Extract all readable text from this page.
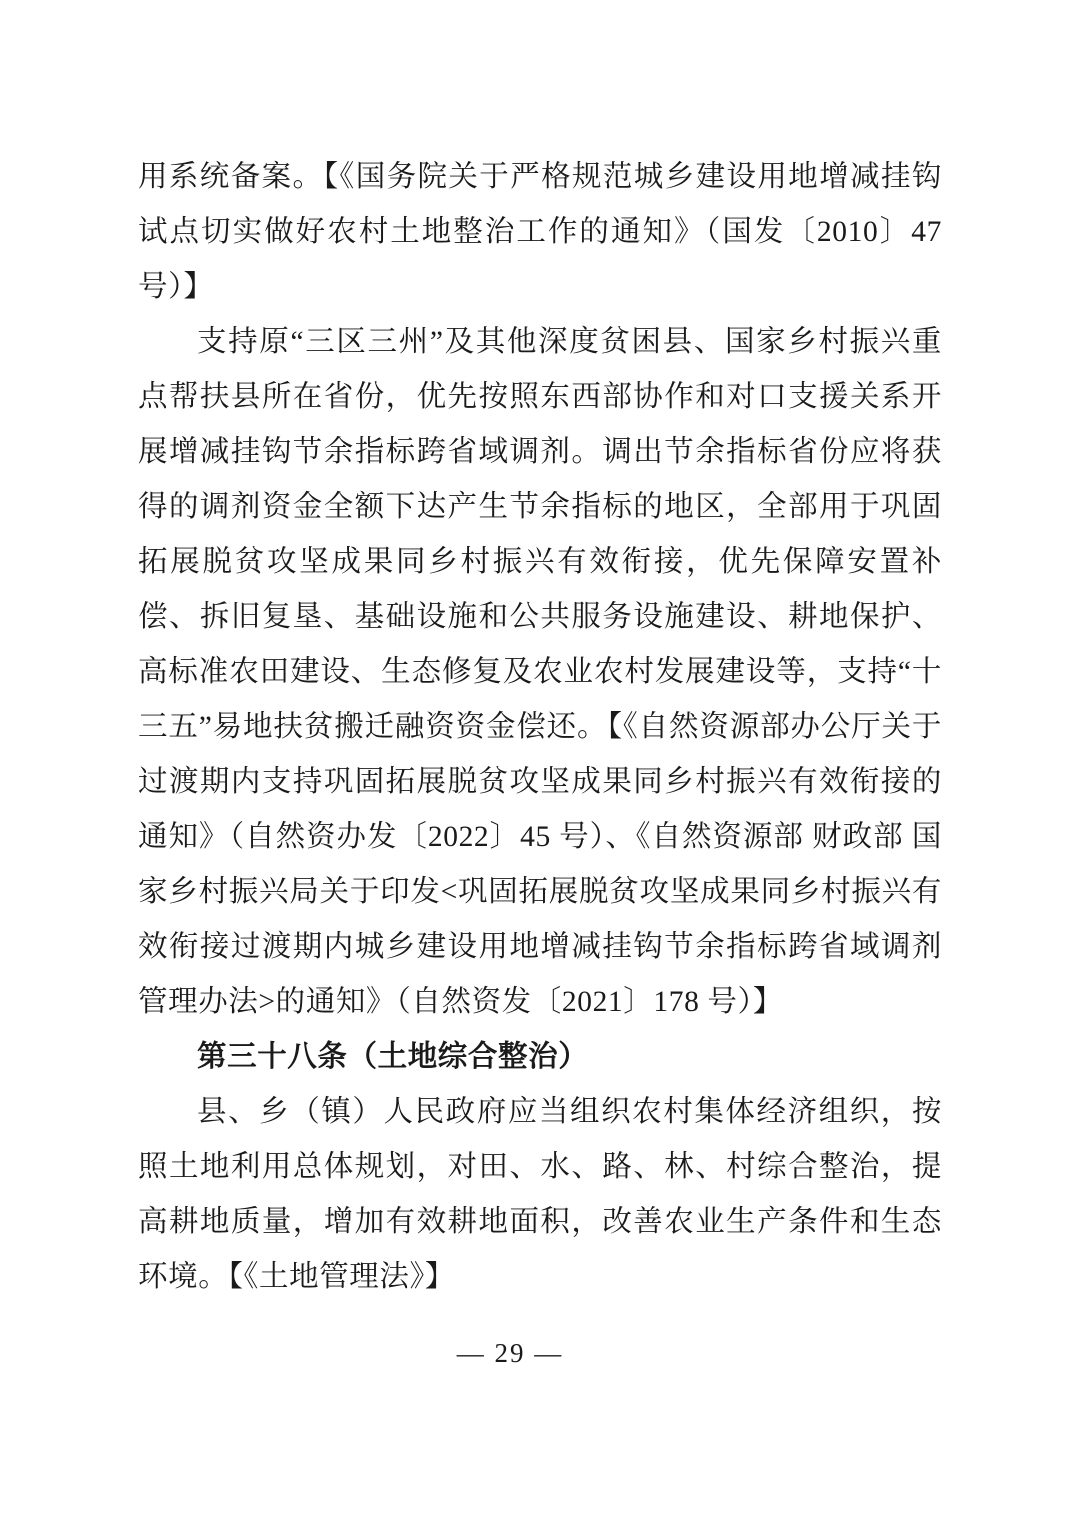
用系统备案。【《国务院关于严格规范城乡建设用地增减挂钩试点切实做好农村土地整治工作的通知》（国发〔2010〕47 号）】

支持原“三区三州”及其他深度贫困县、国家乡村振兴重点帮扶县所在省份，优先按照东西部协作和对口支援关系开展增减挂钩节余指标跨省域调剂。调出节余指标省份应将获得的调剂资金全额下达产生节余指标的地区，全部用于巩固拓展脱贫攻坚成果同乡村振兴有效衔接，优先保障安置补偿、拆旧复垦、基础设施和公共服务设施建设、耕地保护、高标准农田建设、生态修复及农业农村发展建设等，支持“十三五”易地扶贫搬迁融资资金偿还。【《自然资源部办公厅关于过渡期内支持巩固拓展脱贫攻坚成果同乡村振兴有效衔接的通知》（自然资办发〔2022〕45 号）、《自然资源部 财政部 国家乡村振兴局关于印发<巩固拓展脱贫攻坚成果同乡村振兴有效衔接过渡期内城乡建设用地增减挂钩节余指标跨省域调剂管理办法>的通知》（自然资发〔2021〕178 号）】

第三十八条（土地综合整治）

县、乡（镇）人民政府应当组织农村集体经济组织，按照土地利用总体规划，对田、水、路、林、村综合整治，提高耕地质量，增加有效耕地面积，改善农业生产条件和生态环境。【《土地管理法》】

— 29 —
